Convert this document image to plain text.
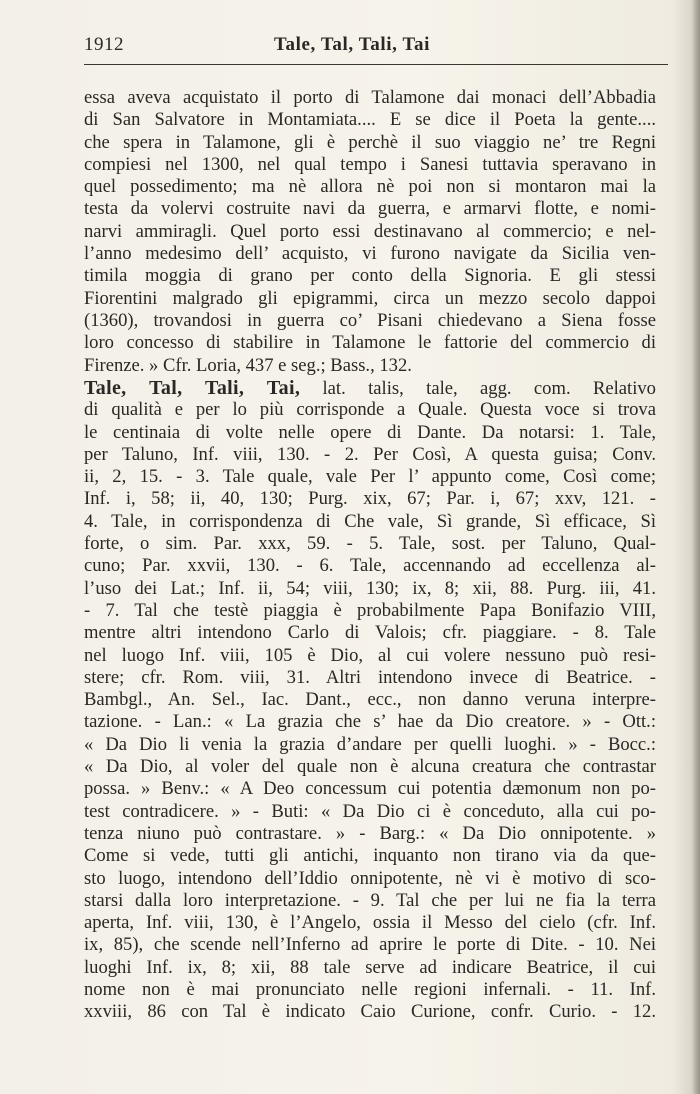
1912	Tale, Tal, Tali, Tai
essa aveva acquistato il porto di Talamone dai monaci dell’Abbadia
di San Salvatore in Montamiata.... E se dice il Poeta la gente....
che spera in Talamone, gli è perchè il suo viaggio ne’ tre Regni
compiesi nel 1300, nel qual tempo i Sanesi tuttavia speravano in
quel possedimento; ma nè allora nè poi non si montaron mai la
testa da volervi costruite navi da guerra, e armarvi flotte, e nomi-
narvi ammiragli. Quel porto essi destinavano al commercio; e nel-
l’anno medesimo dell’ acquisto, vi furono navigate da Sicilia ven-
timila moggia di grano per conto della Signoria. E gli stessi
Fiorentini malgrado gli epigrammi, circa un mezzo secolo dappoi
(1360), trovandosi in guerra co’ Pisani chiedevano a Siena fosse
loro concesso di stabilire in Talamone le fattorie del commercio di
Firenze. » Cfr. Loria, 437 e seg.; Bass., 132.
Tale, Tal, Tali, Tai, lat. talis, tale, agg. com. Relativo
di qualità e per lo più corrisponde a Quale. Questa voce si trova
le centinaia di volte nelle opere di Dante. Da notarsi: 1. Tale,
per Taluno, Inf. viii, 130. - 2. Per Così, A questa guisa; Conv.
ii, 2, 15. - 3. Tale quale, vale Per l’ appunto come, Così come;
Inf. i, 58; ii, 40, 130; Purg. xix, 67; Par. i, 67; xxv, 121. -
4. Tale, in corrispondenza di Che vale, Sì grande, Sì efficace, Sì
forte, o sim. Par. xxx, 59. - 5. Tale, sost. per Taluno, Qual-
cuno; Par. xxvii, 130. - 6. Tale, accennando ad eccellenza al-
l’uso dei Lat.; Inf. ii, 54; viii, 130; ix, 8; xii, 88. Purg. iii, 41.
- 7. Tal che testè piaggia è probabilmente Papa Bonifazio VIII,
mentre altri intendono Carlo di Valois; cfr. piaggiare. - 8. Tale
nel luogo Inf. viii, 105 è Dio, al cui volere nessuno può resi-
stere; cfr. Rom. viii, 31. Altri intendono invece di Beatrice. -
Bambgl., An. Sel., Iac. Dant., ecc., non danno veruna interpre-
tazione. - Lan.: « La grazia che s’ hae da Dio creatore. » - Ott.:
« Da Dio li venia la grazia d’andare per quelli luoghi. » - Bocc.:
« Da Dio, al voler del quale non è alcuna creatura che contrastar
possa. » Benv.: « A Deo concessum cui potentia dæmonum non po-
test contradicere. » - Buti: « Da Dio ci è conceduto, alla cui po-
tenza niuno può contrastare. » - Barg.: « Da Dio onnipotente. »
Come si vede, tutti gli antichi, inquanto non tirano via da que-
sto luogo, intendono dell’Iddio onnipotente, nè vi è motivo di sco-
starsi dalla loro interpretazione. - 9. Tal che per lui ne fia la terra
aperta, Inf. viii, 130, è l’Angelo, ossia il Messo del cielo (cfr. Inf.
ix, 85), che scende nell’Inferno ad aprire le porte di Dite. - 10. Nei
luoghi Inf. ix, 8; xii, 88 tale serve ad indicare Beatrice, il cui
nome non è mai pronunciato nelle regioni infernali. - 11. Inf.
xxviii, 86 con Tal è indicato Caio Curione, confr. Curio. - 12.
